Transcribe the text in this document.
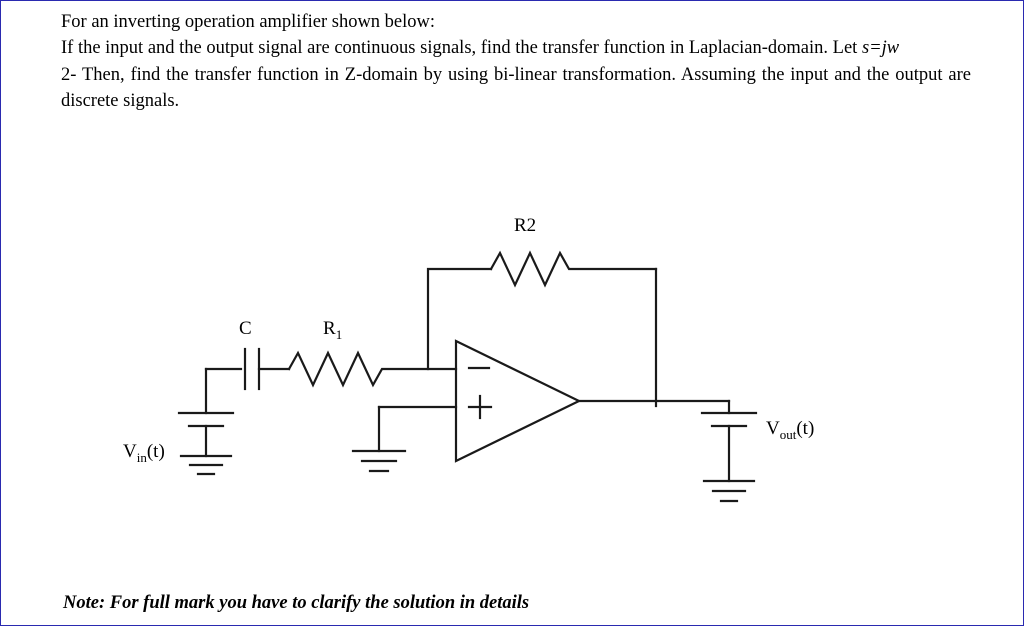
For an inverting operation amplifier shown below:

If the input and the output signal are continuous signals, find the transfer function in Laplacian-domain. Let s=jw

2- Then, find the transfer function in Z-domain by using bi-linear transformation. Assuming the input and the output are discrete signals.

R2
$R_1$
C
$V_{in}(t)$
$V_{out}(t)$
Note: For full mark you have to clarify the solution in details
